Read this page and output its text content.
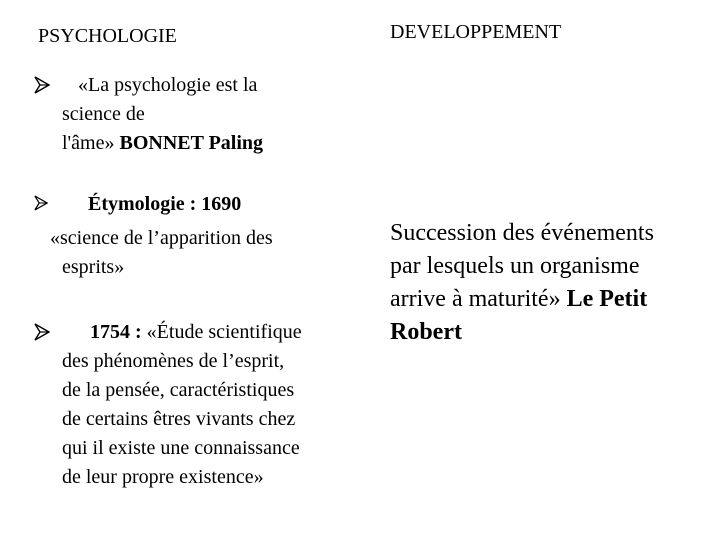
PSYCHOLOGIE	DEVELOPPEMENT
«La psychologie est la
science de
l'âme» BONNET Paling
Étymologie : 1690
«science de l’apparition des
esprits»
1754 : «Étude scientifique
des phénomènes de l’esprit,
de la pensée, caractéristiques
de certains êtres vivants chez
qui il existe une connaissance
de leur propre existence»
Succession des événements
par lesquels un organisme
arrive à maturité» Le Petit
Robert
